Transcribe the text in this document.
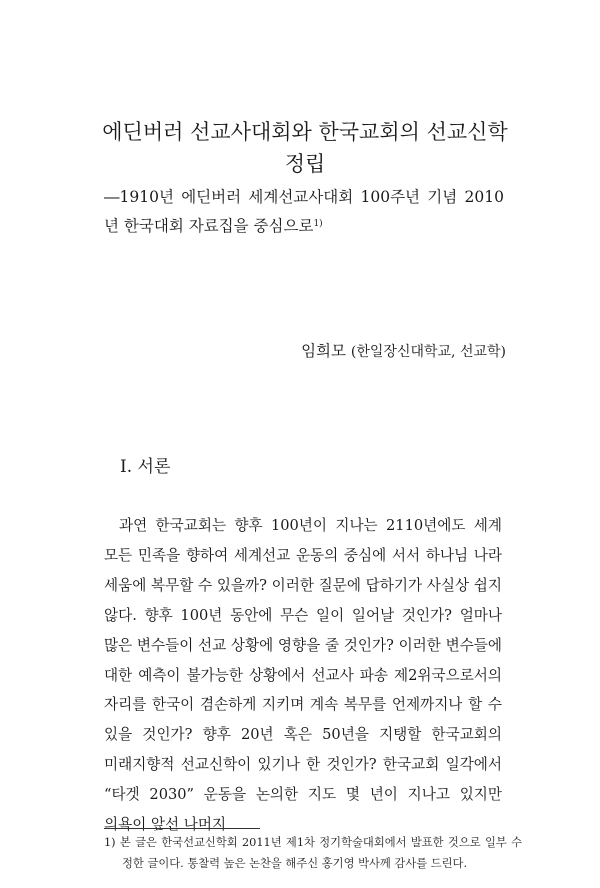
에딘버러 선교사대회와 한국교회의 선교신학 정립

―1910년 에딘버러 세계선교사대회 100주년 기념 2010년 한국대회 자료집을 중심으로$^{1)}$

임희모 (한일장신대학교, 선교학)

I. 서론

과연 한국교회는 향후 100년이 지나는 2110년에도 세계 모든 민족을 향하여 세계선교 운동의 중심에 서서 하나님 나라 세움에 복무할 수 있을까? 이러한 질문에 답하기가 사실상 쉽지 않다. 향후 100년 동안에 무슨 일이 일어날 것인가? 얼마나 많은 변수들이 선교 상황에 영향을 줄 것인가? 이러한 변수들에 대한 예측이 불가능한 상황에서 선교사 파송 제2위국으로서의 자리를 한국이 겸손하게 지키며 계속 복무를 언제까지나 할 수 있을 것인가? 향후 20년 혹은 50년을 지탱할 한국교회의 미래지향적 선교신학이 있기나 한 것인가? 한국교회 일각에서 “타겟 2030” 운동을 논의한 지도 몇 년이 지나고 있지만 의욕이 앞선 나머지

1) 본 글은 한국선교신학회 2011년 제1차 정기학술대회에서 발표한 것으로 일부 수정한 글이다. 통찰력 높은 논찬을 해주신 홍기영 박사께 감사를 드린다.
